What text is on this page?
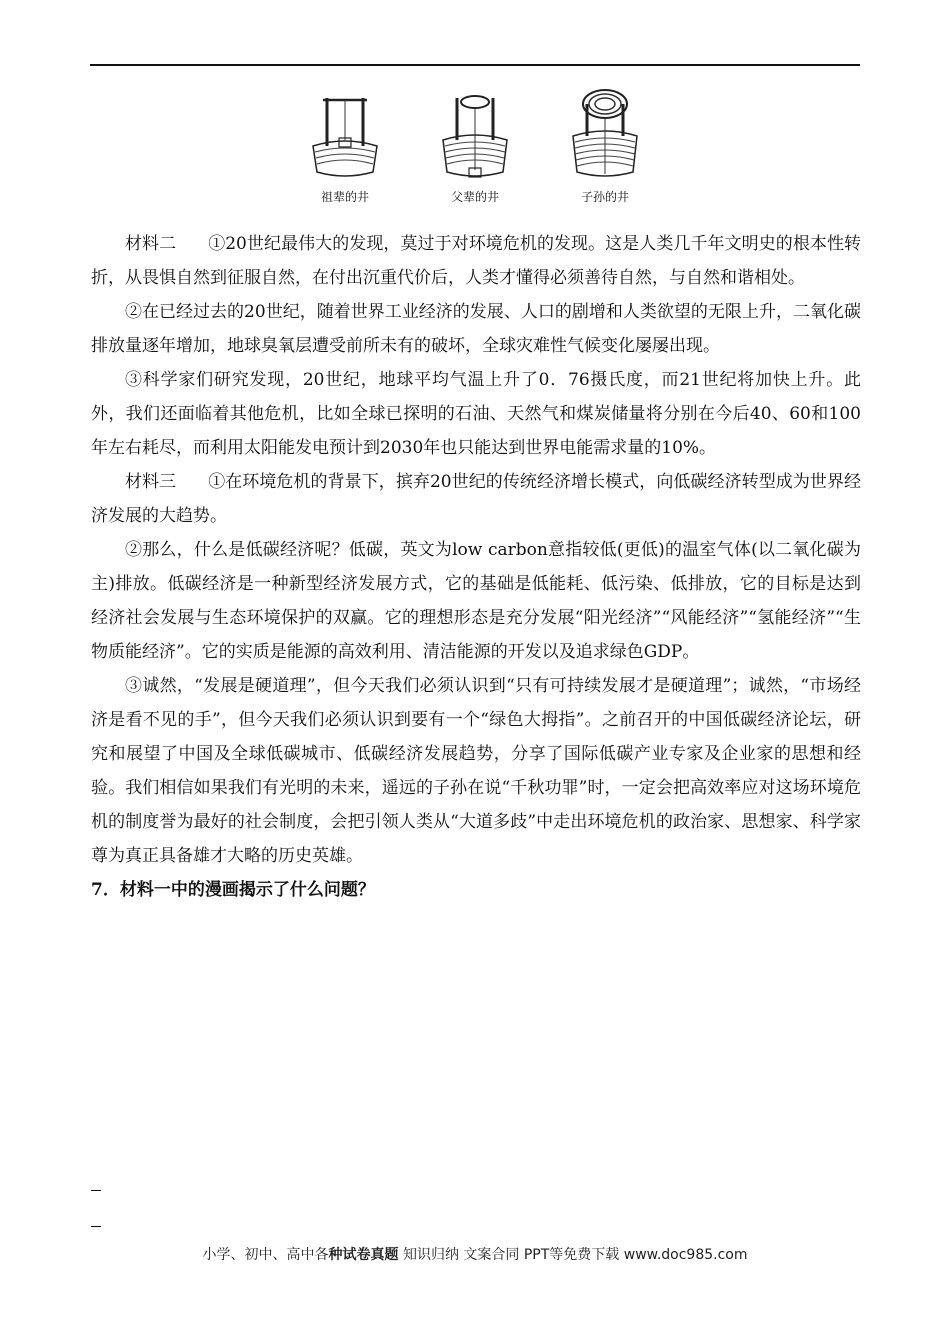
祖辈的井	父辈的井	子孙的井

材料二 ①20世纪最伟大的发现，莫过于对环境危机的发现。这是人类几千年文明史的根本性转折，从畏惧自然到征服自然，在付出沉重代价后，人类才懂得必须善待自然，与自然和谐相处。

②在已经过去的20世纪，随着世界工业经济的发展、人口的剧增和人类欲望的无限上升，二氧化碳排放量逐年增加，地球臭氧层遭受前所未有的破坏，全球灾难性气候变化屡屡出现。

③科学家们研究发现，20世纪，地球平均气温上升了0．76摄氏度，而21世纪将加快上升。此外，我们还面临着其他危机，比如全球已探明的石油、天然气和煤炭储量将分别在今后40、60和100年左右耗尽，而利用太阳能发电预计到2030年也只能达到世界电能需求量的10%。

材料三 ①在环境危机的背景下，摈弃20世纪的传统经济增长模式，向低碳经济转型成为世界经济发展的大趋势。

②那么，什么是低碳经济呢？低碳，英文为low carbon意指较低(更低)的温室气体(以二氧化碳为主)排放。低碳经济是一种新型经济发展方式，它的基础是低能耗、低污染、低排放，它的目标是达到经济社会发展与生态环境保护的双赢。它的理想形态是充分发展“阳光经济”“风能经济”“氢能经济”“生物质能经济”。它的实质是能源的高效利用、清洁能源的开发以及追求绿色GDP。

③诚然，“发展是硬道理”，但今天我们必须认识到“只有可持续发展才是硬道理”；诚然，“市场经济是看不见的手”，但今天我们必须认识到要有一个“绿色大拇指”。之前召开的中国低碳经济论坛，研究和展望了中国及全球低碳城市、低碳经济发展趋势，分享了国际低碳产业专家及企业家的思想和经验。我们相信如果我们有光明的未来，遥远的子孙在说“千秋功罪”时，一定会把高效率应对这场环境危机的制度誉为最好的社会制度，会把引领人类从“大道多歧”中走出环境危机的政治家、思想家、科学家尊为真正具备雄才大略的历史英雄。

7．材料一中的漫画揭示了什么问题？

小学、初中、高中各种试卷真题 知识归纳 文案合同 PPT等免费下载 www.doc985.com
